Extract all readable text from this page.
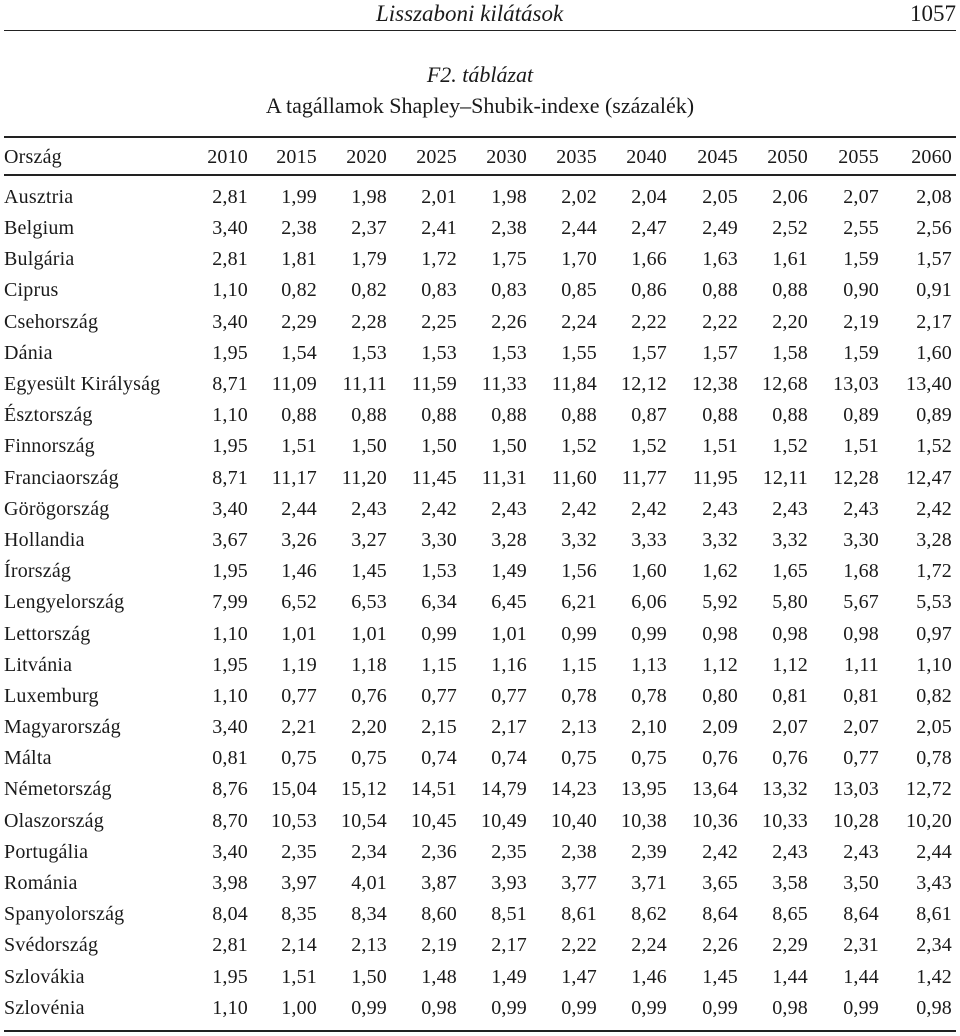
Lisszaboni kilátások	1057
F2. táblázat
A tagállamok Shapley–Shubik-indexe (százalék)
Ország	2010	2015	2020	2025	2030	2035	2040	2045	2050	2055	2060
Ausztria	2,81	1,99	1,98	2,01	1,98	2,02	2,04	2,05	2,06	2,07	2,08
Belgium	3,40	2,38	2,37	2,41	2,38	2,44	2,47	2,49	2,52	2,55	2,56
Bulgária	2,81	1,81	1,79	1,72	1,75	1,70	1,66	1,63	1,61	1,59	1,57
Ciprus	1,10	0,82	0,82	0,83	0,83	0,85	0,86	0,88	0,88	0,90	0,91
Csehország	3,40	2,29	2,28	2,25	2,26	2,24	2,22	2,22	2,20	2,19	2,17
Dánia	1,95	1,54	1,53	1,53	1,53	1,55	1,57	1,57	1,58	1,59	1,60
Egyesült Királyság	8,71	11,09	11,11	11,59	11,33	11,84	12,12	12,38	12,68	13,03	13,40
Észtország	1,10	0,88	0,88	0,88	0,88	0,88	0,87	0,88	0,88	0,89	0,89
Finnország	1,95	1,51	1,50	1,50	1,50	1,52	1,52	1,51	1,52	1,51	1,52
Franciaország	8,71	11,17	11,20	11,45	11,31	11,60	11,77	11,95	12,11	12,28	12,47
Görögország	3,40	2,44	2,43	2,42	2,43	2,42	2,42	2,43	2,43	2,43	2,42
Hollandia	3,67	3,26	3,27	3,30	3,28	3,32	3,33	3,32	3,32	3,30	3,28
Írország	1,95	1,46	1,45	1,53	1,49	1,56	1,60	1,62	1,65	1,68	1,72
Lengyelország	7,99	6,52	6,53	6,34	6,45	6,21	6,06	5,92	5,80	5,67	5,53
Lettország	1,10	1,01	1,01	0,99	1,01	0,99	0,99	0,98	0,98	0,98	0,97
Litvánia	1,95	1,19	1,18	1,15	1,16	1,15	1,13	1,12	1,12	1,11	1,10
Luxemburg	1,10	0,77	0,76	0,77	0,77	0,78	0,78	0,80	0,81	0,81	0,82
Magyarország	3,40	2,21	2,20	2,15	2,17	2,13	2,10	2,09	2,07	2,07	2,05
Málta	0,81	0,75	0,75	0,74	0,74	0,75	0,75	0,76	0,76	0,77	0,78
Németország	8,76	15,04	15,12	14,51	14,79	14,23	13,95	13,64	13,32	13,03	12,72
Olaszország	8,70	10,53	10,54	10,45	10,49	10,40	10,38	10,36	10,33	10,28	10,20
Portugália	3,40	2,35	2,34	2,36	2,35	2,38	2,39	2,42	2,43	2,43	2,44
Románia	3,98	3,97	4,01	3,87	3,93	3,77	3,71	3,65	3,58	3,50	3,43
Spanyolország	8,04	8,35	8,34	8,60	8,51	8,61	8,62	8,64	8,65	8,64	8,61
Svédország	2,81	2,14	2,13	2,19	2,17	2,22	2,24	2,26	2,29	2,31	2,34
Szlovákia	1,95	1,51	1,50	1,48	1,49	1,47	1,46	1,45	1,44	1,44	1,42
Szlovénia	1,10	1,00	0,99	0,98	0,99	0,99	0,99	0,99	0,98	0,99	0,98
